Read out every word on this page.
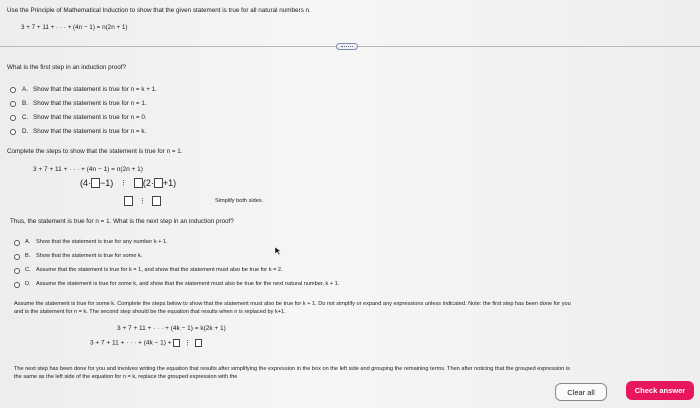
Use the Principle of Mathematical Induction to show that the given statement is true for all natural numbers n.
3 + 7 + 11 + · · · + (4n − 1) = n(2n + 1)
What is the first step in an induction proof?
A. Show that the statement is true for n = k + 1.
B. Show that the statement is true for n = 1.
C. Show that the statement is true for n = 0.
D. Show that the statement is true for n = k.
Complete the steps to show that the statement is true for n = 1.
3 + 7 + 11 + · · · + (4n − 1) = n(2n + 1)
(4· −1) ⋮ (2· +1)
⋮	Simplify both sides.
Thus, the statement is true for n = 1. What is the next step in an induction proof?
A. Show that the statement is true for any number k + 1.
B. Show that the statement is true for some k.
C. Assume that the statement is true for k = 1, and show that the statement must also be true for k = 2.
D. Assume the statement is true for some k, and show that the statement must also be true for the next natural number, k + 1.
Assume the statement is true for some k. Complete the steps below to show that the statement must also be true for k + 1. Do not simplify or expand any expressions unless indicated. Note: the first step has been done for you
and is the statement for n = k. The second step should be the equation that results when n is replaced by k+1.
3 + 7 + 11 + · · · + (4k − 1) = k(2k + 1)
3 + 7 + 11 + · · · + (4k − 1) + ⋮
The next step has been done for you and involves writing the equation that results after simplifying the expression in the box on the left side and grouping the remaining terms. Then after noticing that the grouped expression is
the same as the left side of the equation for n = k, replace the grouped expression with the
Clear all	Check answer
